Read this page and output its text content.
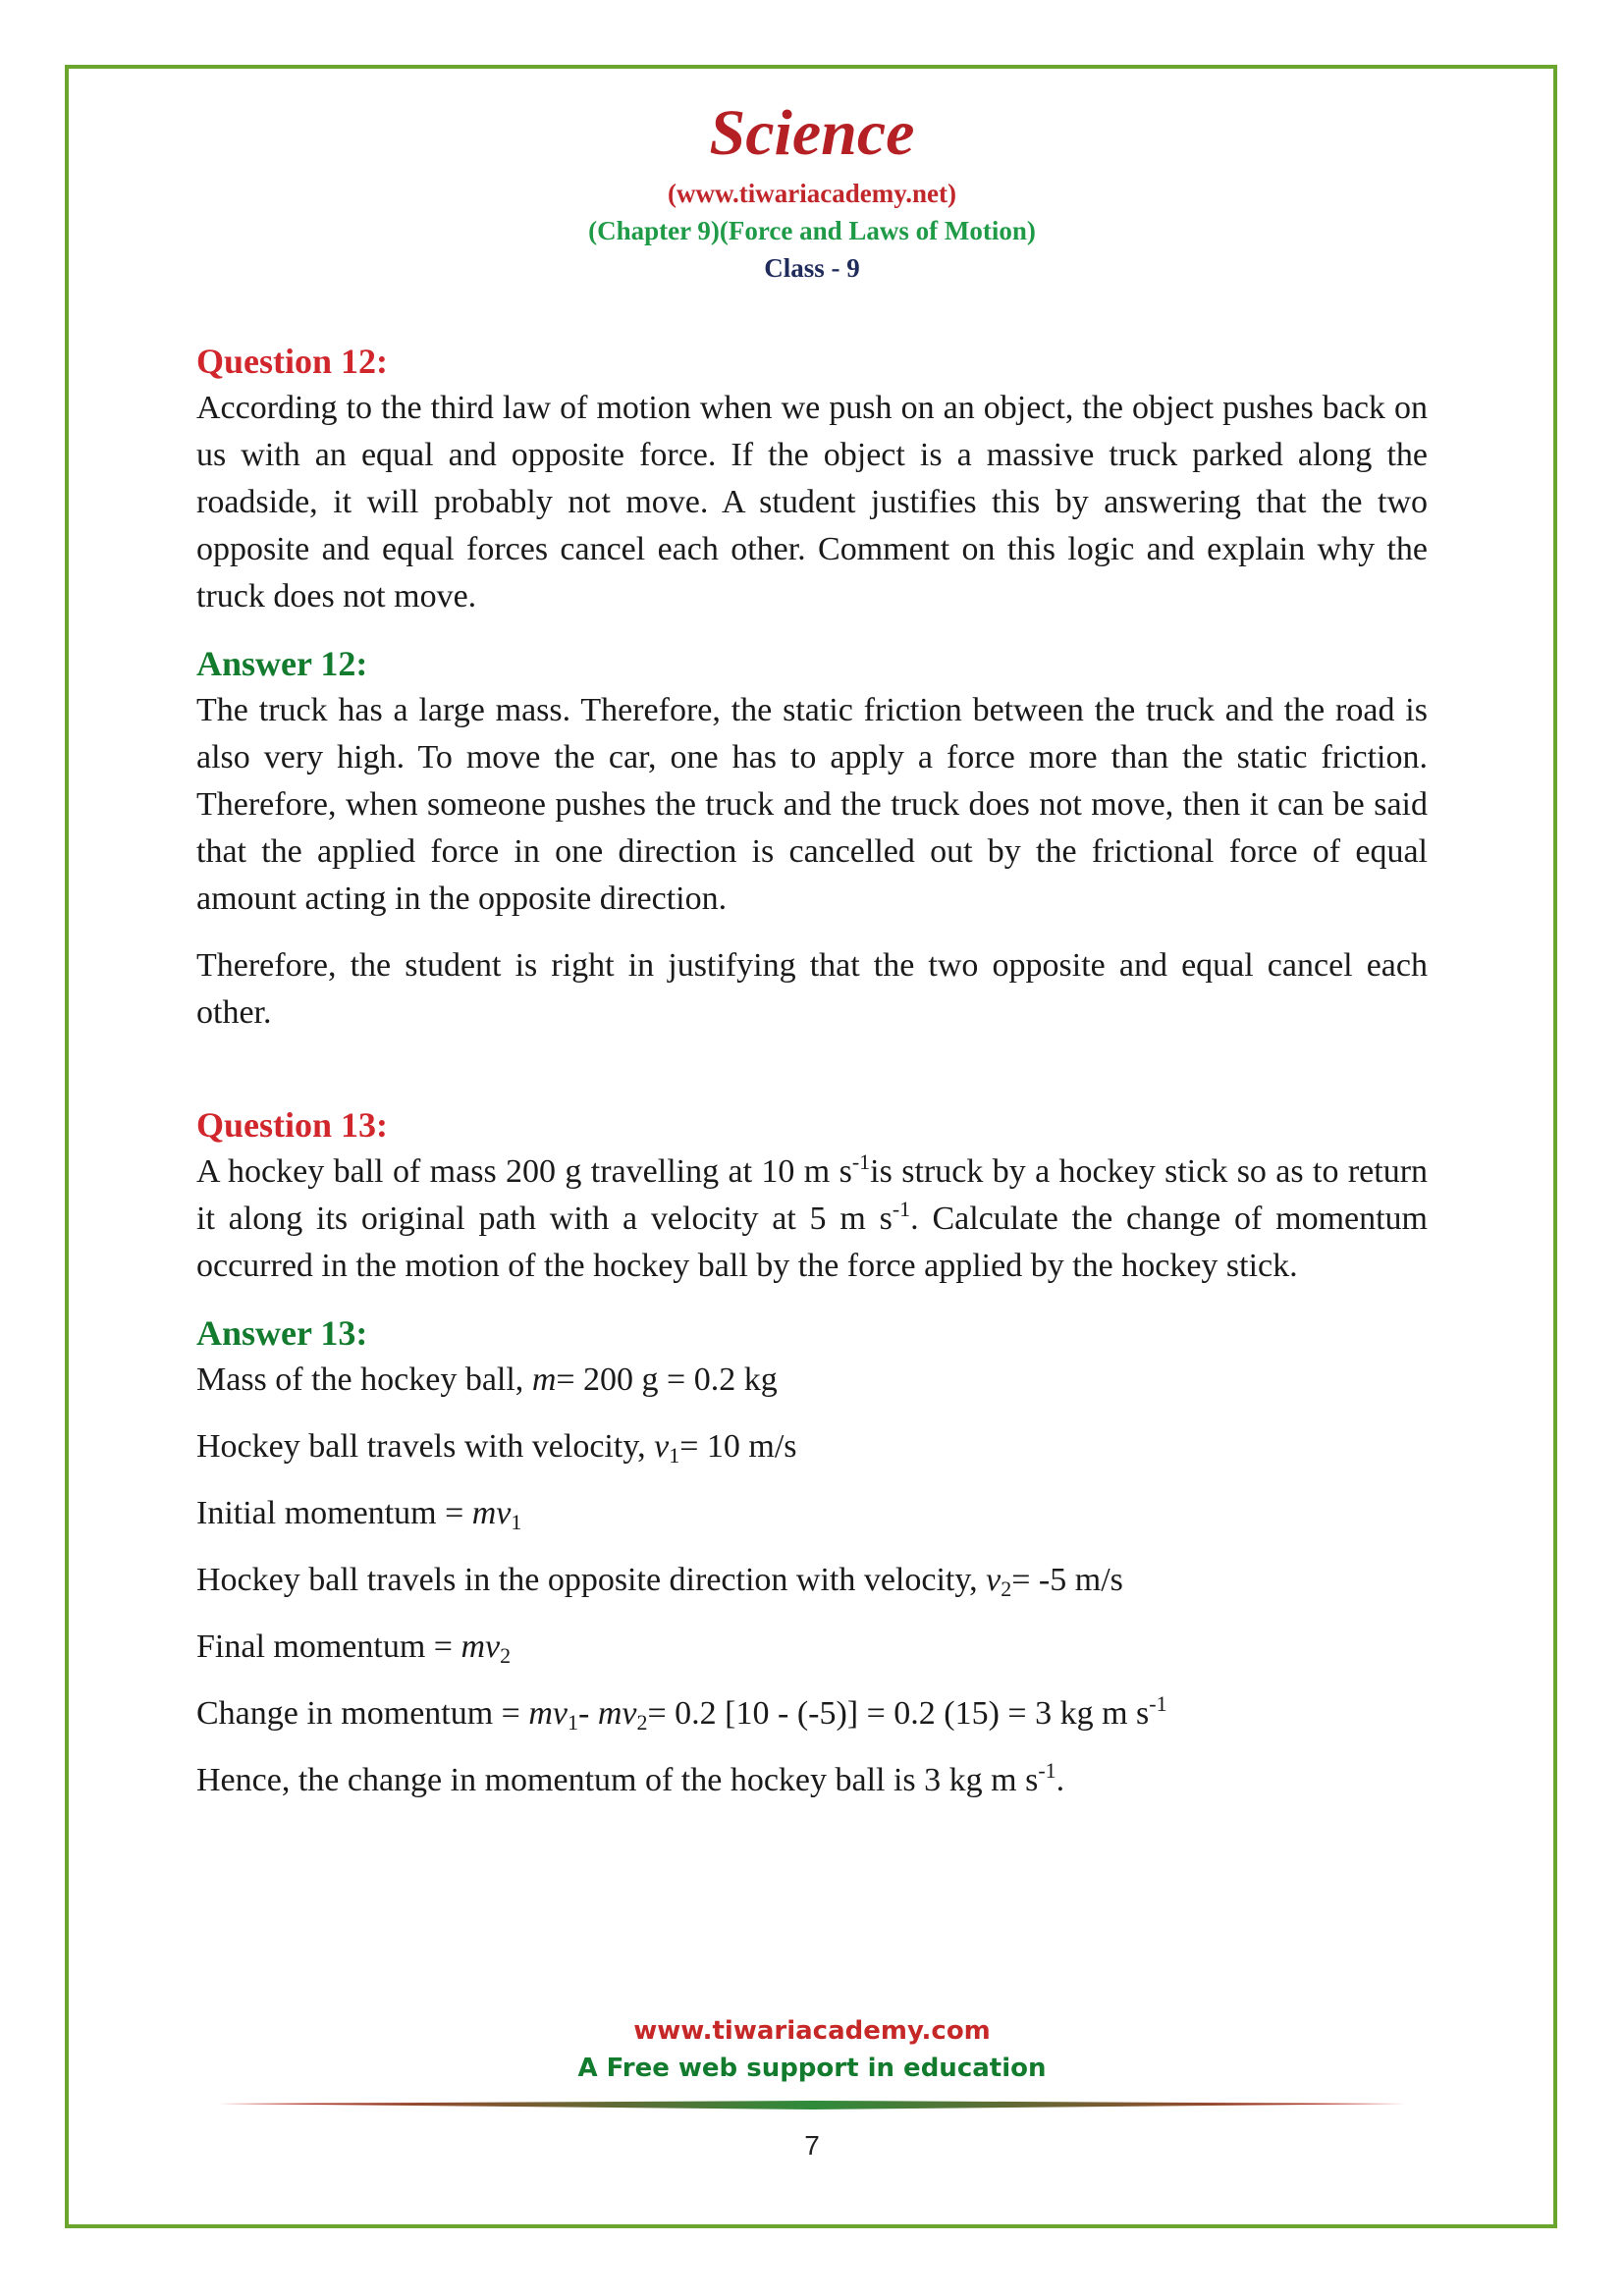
Science
(www.tiwariacademy.net)
(Chapter 9)(Force and Laws of Motion)
Class - 9

Question 12:

According to the third law of motion when we push on an object, the object pushes back on us with an equal and opposite force. If the object is a massive truck parked along the roadside, it will probably not move. A student justifies this by answering that the two opposite and equal forces cancel each other. Comment on this logic and explain why the truck does not move.

Answer 12:

The truck has a large mass. Therefore, the static friction between the truck and the road is also very high. To move the car, one has to apply a force more than the static friction. Therefore, when someone pushes the truck and the truck does not move, then it can be said that the applied force in one direction is cancelled out by the frictional force of equal amount acting in the opposite direction.

Therefore, the student is right in justifying that the two opposite and equal cancel each other.

Question 13:

A hockey ball of mass 200 g travelling at 10 m $s^{-1}is$ struck by a hockey stick so as to return it along its original path with a velocity at 5 m $s^{-1}$. Calculate the change of momentum occurred in the motion of the hockey ball by the force applied by the hockey stick.

Answer 13:

Mass of the hockey ball, m= 200 g = 0.2 kg

Hockey ball travels with velocity, $v_1= 10$ m/s

Initial momentum = $mv_1$

Hockey ball travels in the opposite direction with velocity, $v_2= -5$ m/s

Final momentum = $mv_2$

Change in momentum = $mv_1-$ $mv_2= 0.2$ [10 - (-5)] = 0.2 (15) = 3 kg m $s^{-1}$

Hence, the change in momentum of the hockey ball is 3 kg m $s^{-1}$.

www.tiwariacademy.com
A Free web support in education
7
